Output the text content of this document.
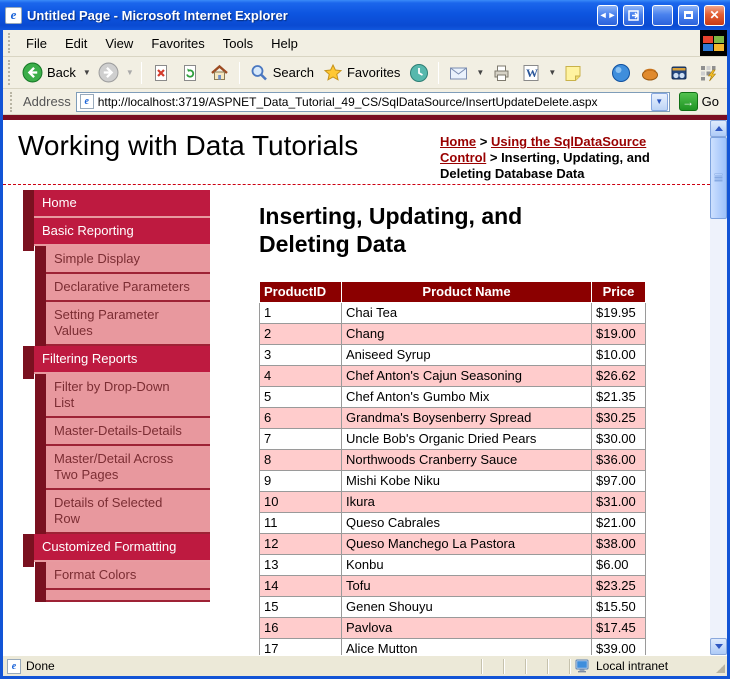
e Untitled Page - Microsoft Internet Explorer	◄►	_	✕
File	Edit	View	Favorites	Tools	Help
Back ▼	▼	Search	Favorites	▼	W ▼
Address	e http://localhost:3719/ASPNET_Data_Tutorial_49_CS/SqlDataSource/InsertUpdateDelete.aspx	▼	→ Go
Working with Data Tutorials	Home > Using the SqlDataSource Control > Inserting, Updating, and Deleting Database Data
Home
Basic Reporting
Simple Display
Declarative Parameters
Setting Parameter Values
Filtering Reports
Filter by Drop-Down List
Master-Details-Details
Master/Detail Across Two Pages
Details of Selected Row
Customized Formatting
Format Colors
Inserting, Updating, and Deleting Data
ProductID	Product Name	Price
1	Chai Tea	$19.95
2	Chang	$19.00
3	Aniseed Syrup	$10.00
4	Chef Anton's Cajun Seasoning	$26.62
5	Chef Anton's Gumbo Mix	$21.35
6	Grandma's Boysenberry Spread	$30.25
7	Uncle Bob's Organic Dried Pears	$30.00
8	Northwoods Cranberry Sauce	$36.00
9	Mishi Kobe Niku	$97.00
10	Ikura	$31.00
11	Queso Cabrales	$21.00
12	Queso Manchego La Pastora	$38.00
13	Konbu	$6.00
14	Tofu	$23.25
15	Genen Shouyu	$15.50
16	Pavlova	$17.45
17	Alice Mutton	$39.00

e Done	Local intranet
